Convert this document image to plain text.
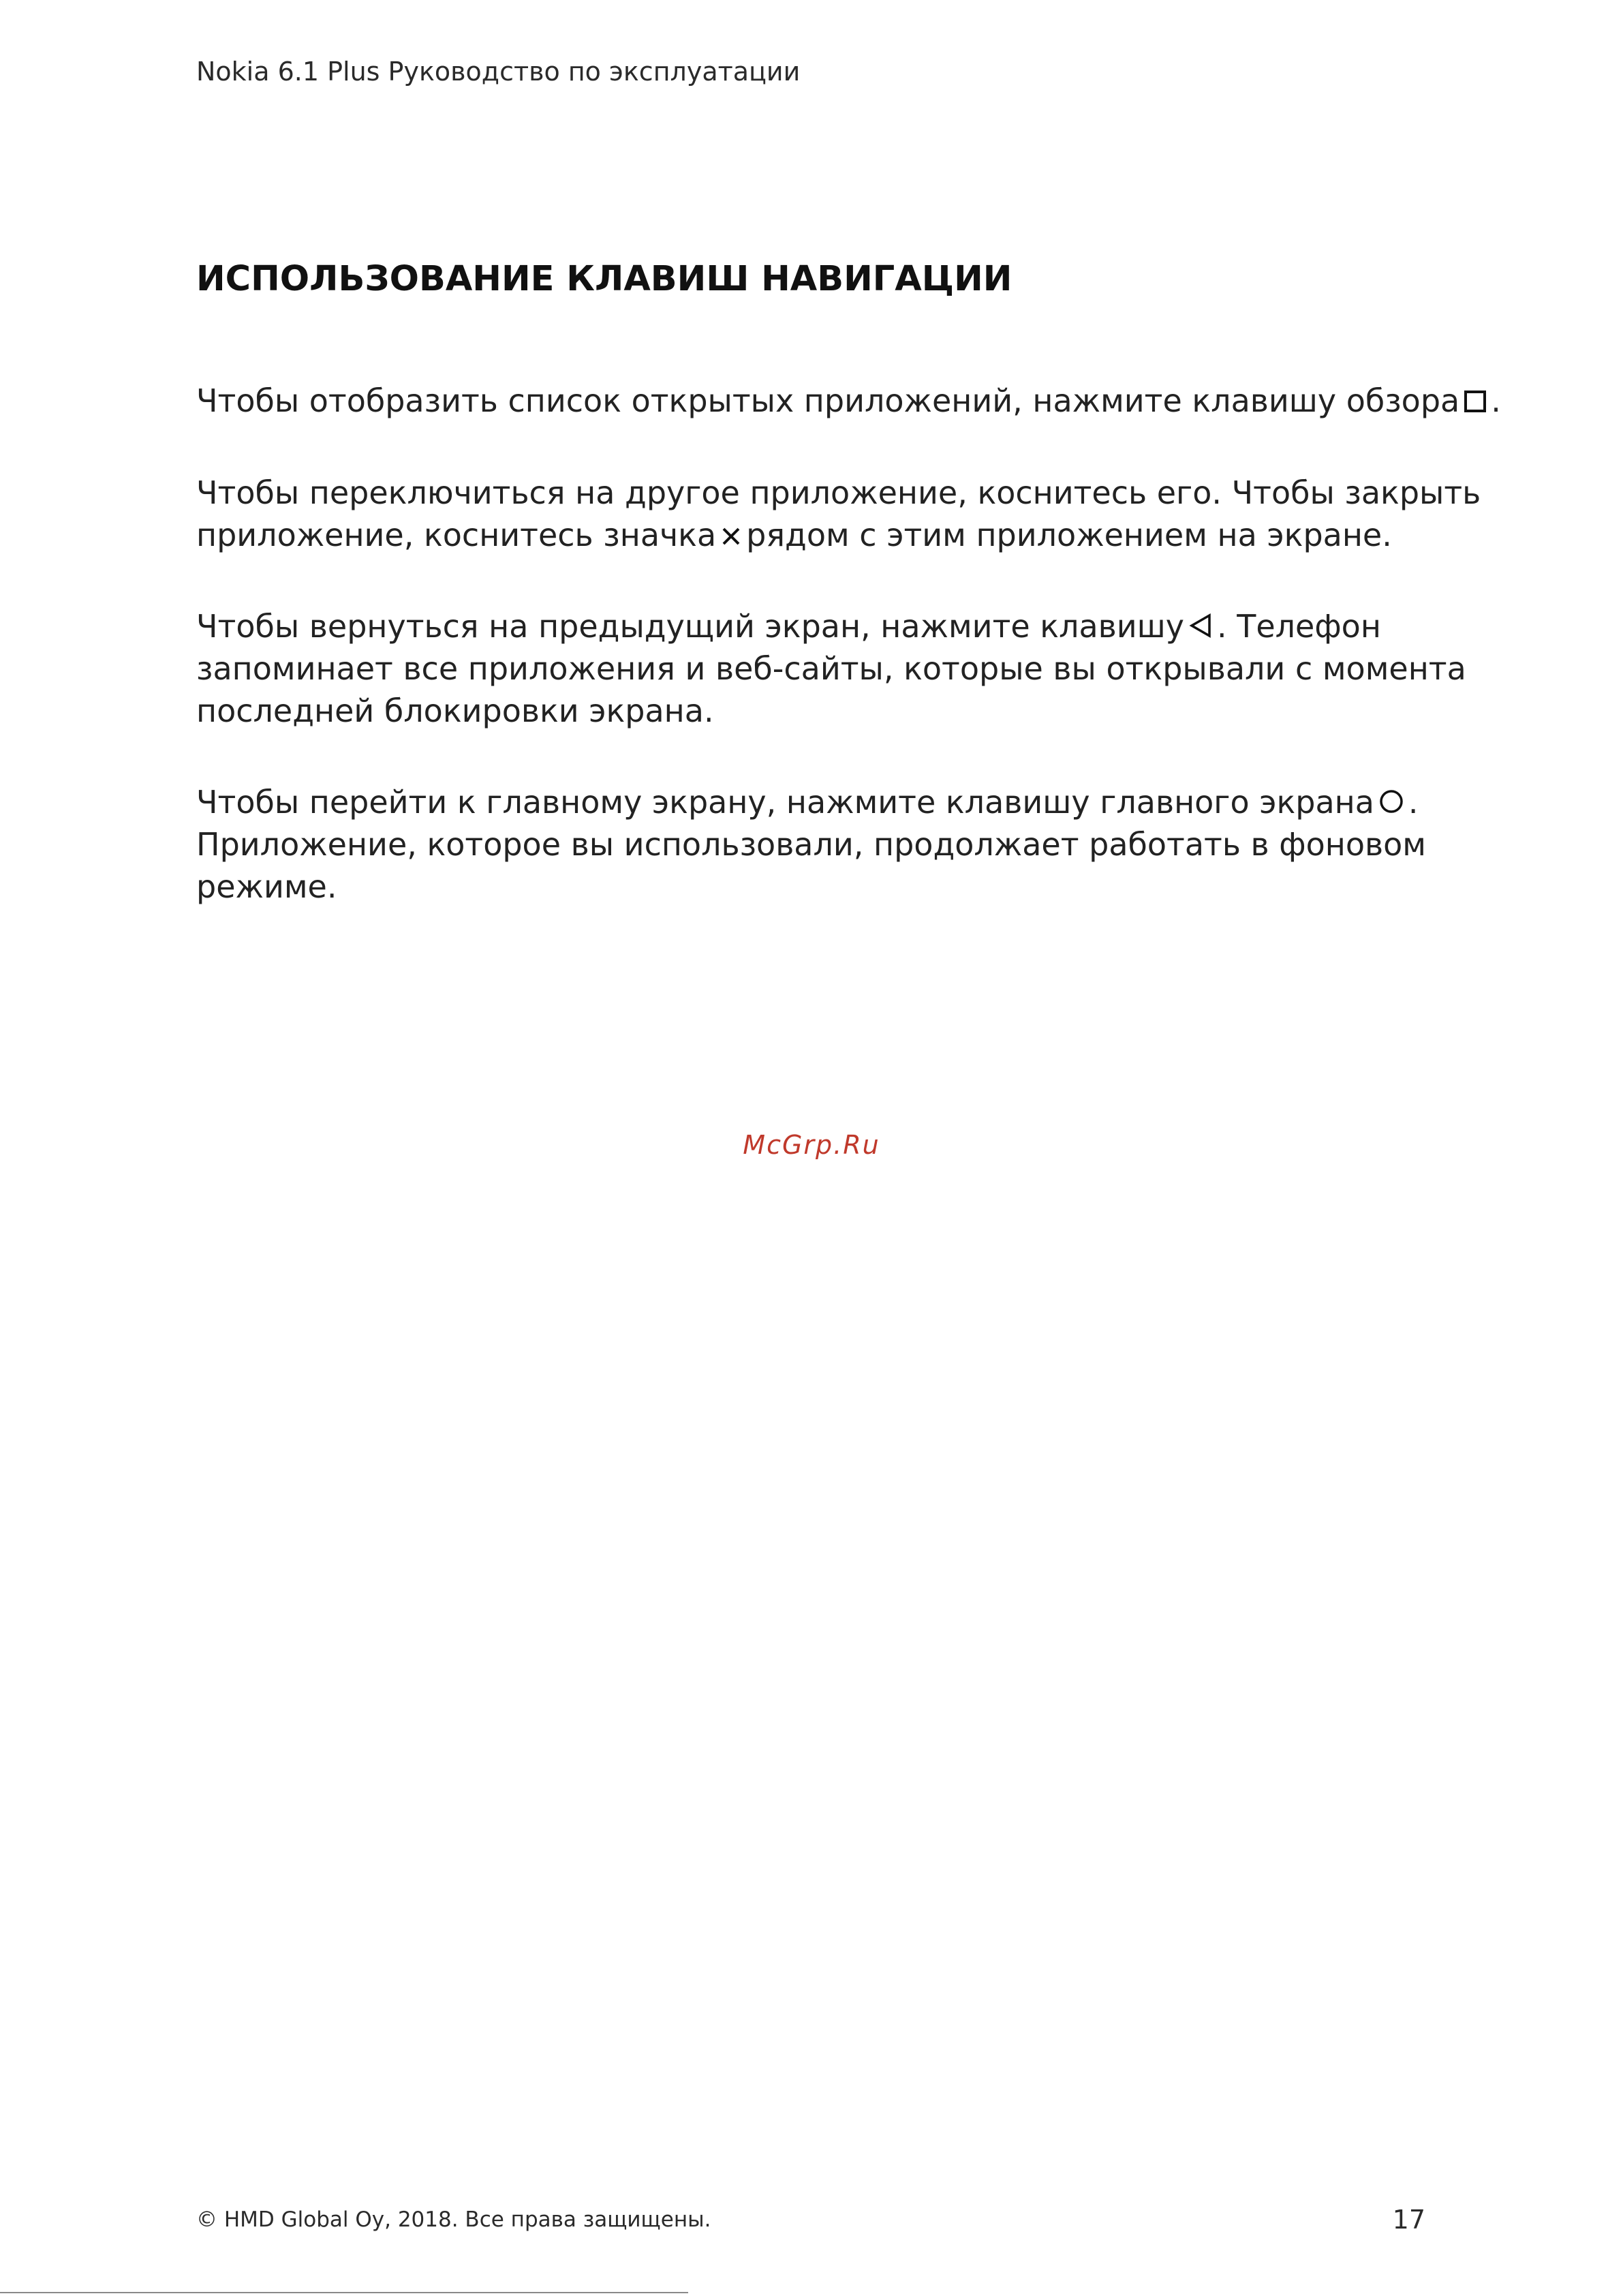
Nokia 6.1 Plus Руководство по эксплуатации
ИСПОЛЬЗОВАНИЕ КЛАВИШ НАВИГАЦИИ

Чтобы отобразить список открытых приложений, нажмите клавишу обзора .

Чтобы переключиться на другое приложение, коснитесь его. Чтобы закрыть
приложение, коснитесь значка рядом с этим приложением на экране.

Чтобы вернуться на предыдущий экран, нажмите клавишу . Телефон
запоминает все приложения и веб-сайты, которые вы открывали с момента
последней блокировки экрана.

Чтобы перейти к главному экрану, нажмите клавишу главного экрана .
Приложение, которое вы использовали, продолжает работать в фоновом
режиме.

McGrp.Ru
© HMD Global Oy, 2018. Все права защищены.	17
